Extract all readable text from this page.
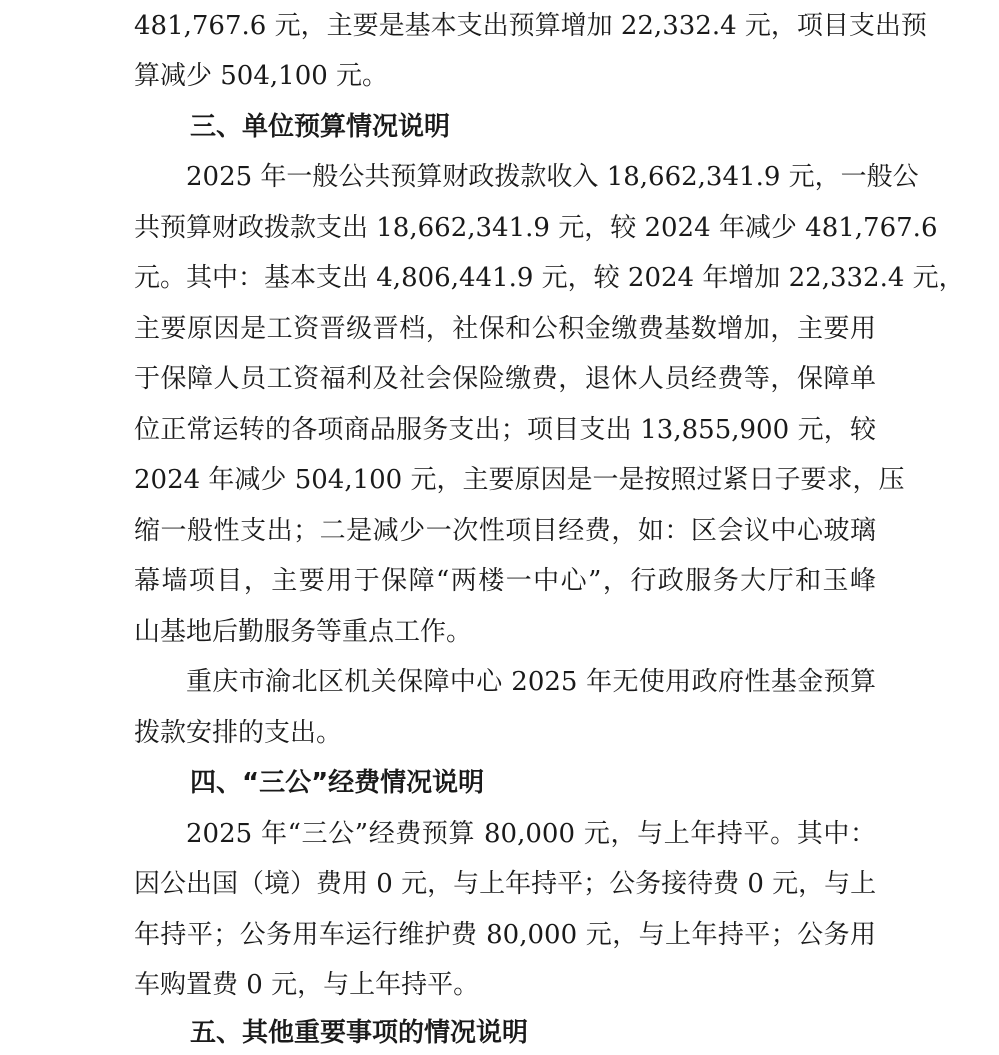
481,767.6 元，主要是基本支出预算增加 22,332.4 元，项目支出预
算减少 504,100 元。
三、单位预算情况说明
2025 年一般公共预算财政拨款收入 18,662,341.9 元，一般公
共预算财政拨款支出 18,662,341.9 元，较 2024 年减少 481,767.6
元。其中：基本支出 4,806,441.9 元，较 2024 年增加 22,332.4 元，
主要原因是工资晋级晋档，社保和公积金缴费基数增加，主要用
于保障人员工资福利及社会保险缴费，退休人员经费等，保障单
位正常运转的各项商品服务支出；项目支出 13,855,900 元，较
2024 年减少 504,100 元，主要原因是一是按照过紧日子要求，压
缩一般性支出；二是减少一次性项目经费，如：区会议中心玻璃
幕墙项目，主要用于保障“两楼一中心”，行政服务大厅和玉峰
山基地后勤服务等重点工作。
重庆市渝北区机关保障中心 2025 年无使用政府性基金预算
拨款安排的支出。
四、“三公”经费情况说明
2025 年“三公”经费预算 80,000 元，与上年持平。其中：
因公出国（境）费用 0 元，与上年持平；公务接待费 0 元，与上
年持平；公务用车运行维护费 80,000 元，与上年持平；公务用
车购置费 0 元，与上年持平。
五、其他重要事项的情况说明
